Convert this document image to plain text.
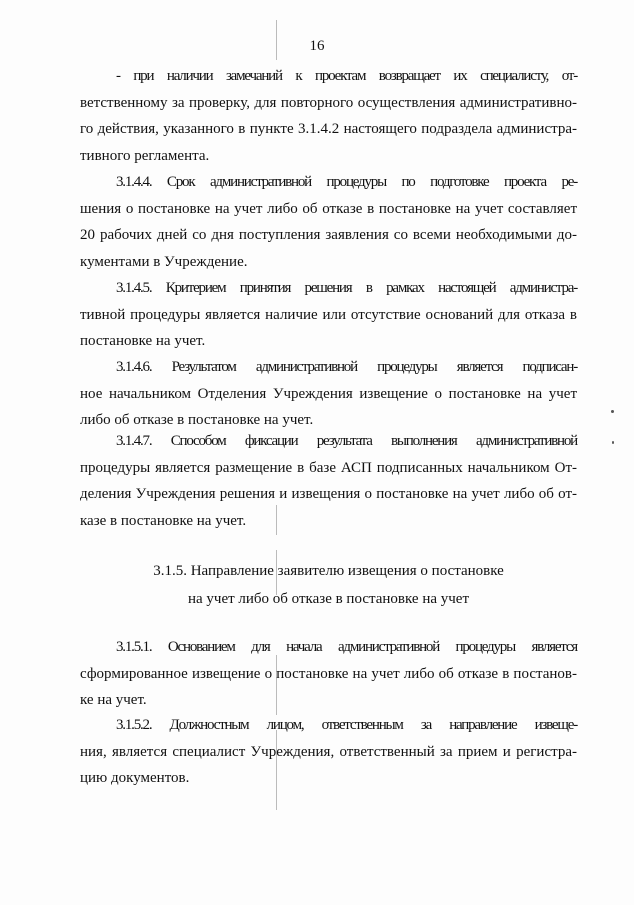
16

- при наличии замечаний к проектам возвращает их специалисту, от-
ветственному за проверку, для повторного осуществления административно-
го действия, указанного в пункте 3.1.4.2 настоящего подраздела администра-
тивного регламента.

3.1.4.4. Срок административной процедуры по подготовке проекта ре-
шения о постановке на учет либо об отказе в постановке на учет составляет
20 рабочих дней со дня поступления заявления со всеми необходимыми до-
кументами в Учреждение.

3.1.4.5. Критерием принятия решения в рамках настоящей администра-
тивной процедуры является наличие или отсутствие оснований для отказа в
постановке на учет.

3.1.4.6. Результатом административной процедуры является подписан-
ное начальником Отделения Учреждения извещение о постановке на учет
либо об отказе в постановке на учет.

3.1.4.7. Способом фиксации результата выполнения административной
процедуры является размещение в базе АСП подписанных начальником От-
деления Учреждения решения и извещения о постановке на учет либо об от-
казе в постановке на учет.

3.1.5. Направление заявителю извещения о постановке
на учет либо об отказе в постановке на учет

3.1.5.1. Основанием для начала административной процедуры является
сформированное извещение о постановке на учет либо об отказе в постанов-
ке на учет.

3.1.5.2. Должностным лицом, ответственным за направление извеще-
ния, является специалист Учреждения, ответственный за прием и регистра-
цию документов.
